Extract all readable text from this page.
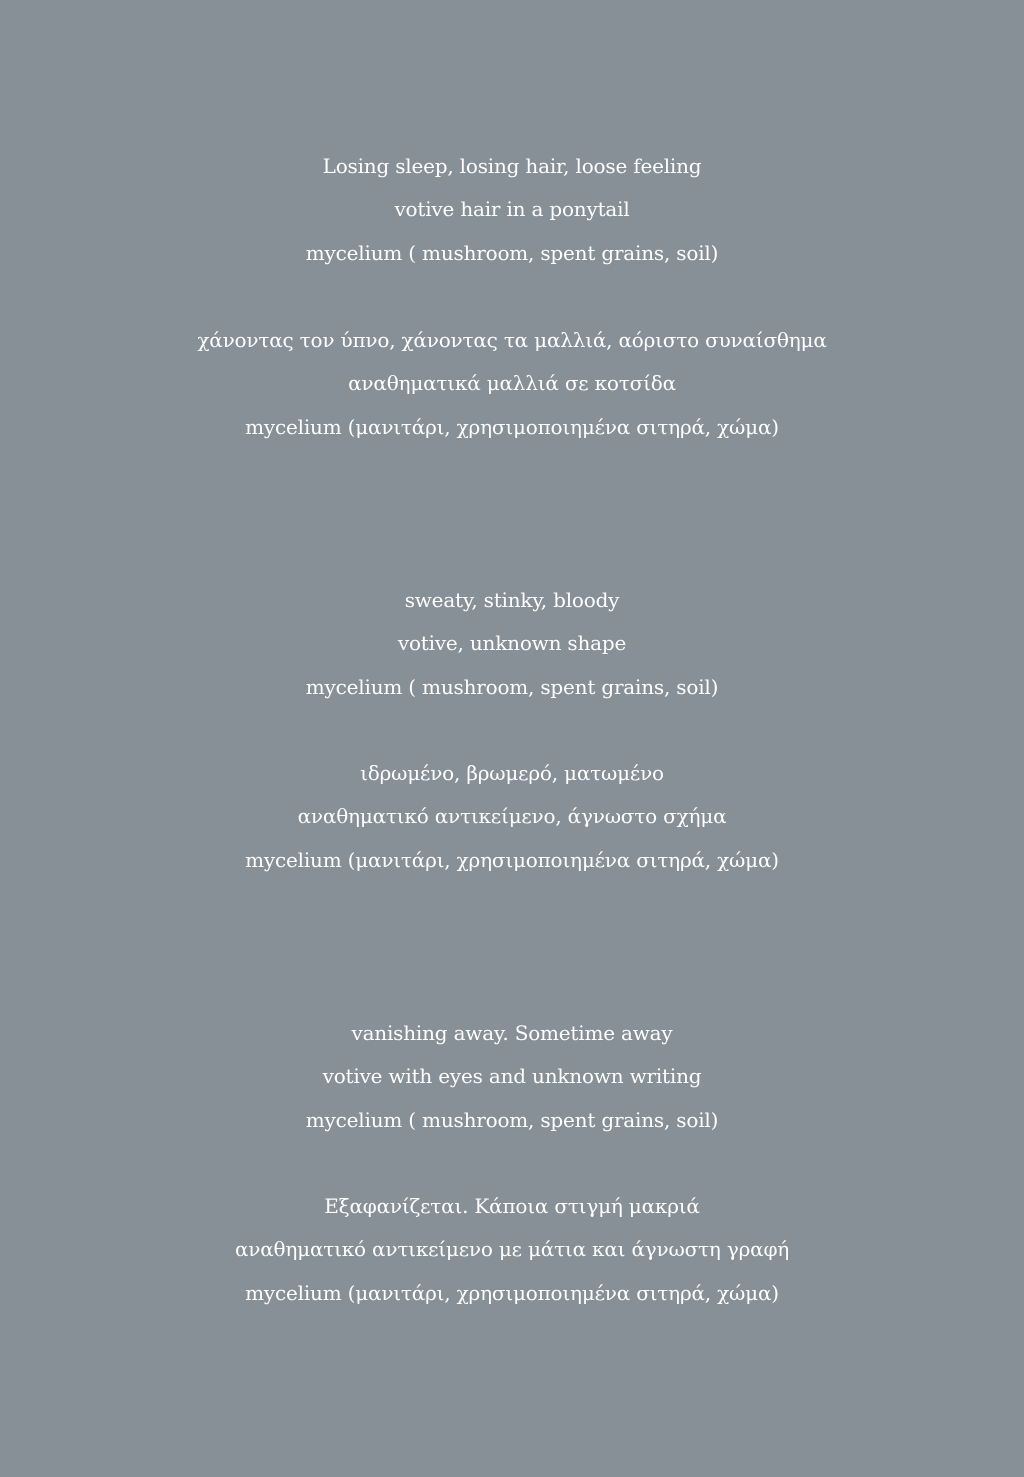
Losing sleep, losing hair, loose feeling
votive hair in a ponytail
mycelium ( mushroom, spent grains, soil)
χάνοντας τον ύπνο, χάνοντας τα μαλλιά, αόριστο συναίσθημα
αναθηματικά μαλλιά σε κοτσίδα
mycelium (μανιτάρι, χρησιμοποιημένα σιτηρά, χώμα)
sweaty, stinky, bloody
votive, unknown shape
mycelium ( mushroom, spent grains, soil)
ιδρωμένο, βρωμερό, ματωμένο
αναθηματικό αντικείμενο, άγνωστο σχήμα
mycelium (μανιτάρι, χρησιμοποιημένα σιτηρά, χώμα)
vanishing away. Sometime away
votive with eyes and unknown writing
mycelium ( mushroom, spent grains, soil)
Εξαφανίζεται. Κάποια στιγμή μακριά
αναθηματικό αντικείμενο με μάτια και άγνωστη γραφή
mycelium (μανιτάρι, χρησιμοποιημένα σιτηρά, χώμα)
